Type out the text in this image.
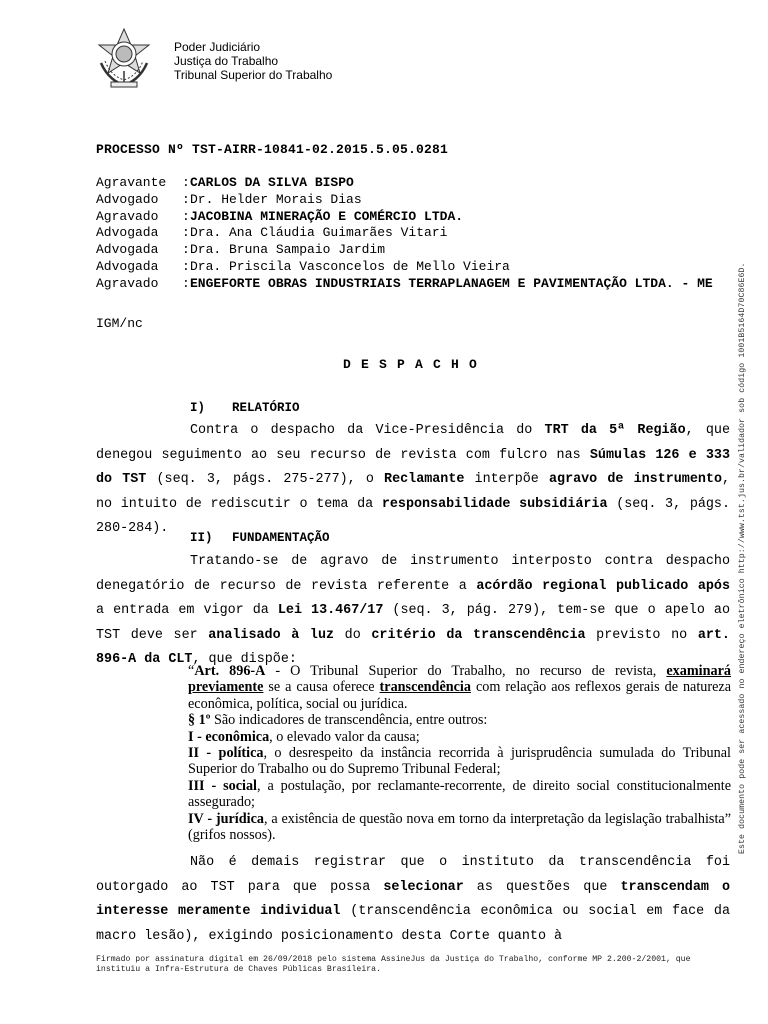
Poder Judiciário
Justiça do Trabalho
Tribunal Superior do Trabalho
PROCESSO Nº TST-AIRR-10841-02.2015.5.05.0281
Agravante	: CARLOS DA SILVA BISPO
Advogado	: Dr. Helder Morais Dias
Agravado	: JACOBINA MINERAÇÃO E COMÉRCIO LTDA.
Advogada	: Dra. Ana Cláudia Guimarães Vitari
Advogada	: Dra. Bruna Sampaio Jardim
Advogada	: Dra. Priscila Vasconcelos de Mello Vieira
Agravado	: ENGEFORTE OBRAS INDUSTRIAIS TERRAPLANAGEM E PAVIMENTAÇÃO LTDA. - ME
IGM/nc
DESPACHO
I) RELATÓRIO
Contra o despacho da Vice-Presidência do TRT da 5ª Região, que denegou seguimento ao seu recurso de revista com fulcro nas Súmulas 126 e 333 do TST (seq. 3, págs. 275-277), o Reclamante interpõe agravo de instrumento, no intuito de rediscutir o tema da responsabilidade subsidiária (seq. 3, págs. 280-284).
II) FUNDAMENTAÇÃO
Tratando-se de agravo de instrumento interposto contra despacho denegatório de recurso de revista referente a acórdão regional publicado após a entrada em vigor da Lei 13.467/17 (seq. 3, pág. 279), tem-se que o apelo ao TST deve ser analisado à luz do critério da transcendência previsto no art. 896-A da CLT, que dispõe:

“Art. 896-A - O Tribunal Superior do Trabalho, no recurso de revista, examinará previamente se a causa oferece transcendência com relação aos reflexos gerais de natureza econômica, política, social ou jurídica.

§ 1º São indicadores de transcendência, entre outros:

I - econômica, o elevado valor da causa;

II - política, o desrespeito da instância recorrida à jurisprudência sumulada do Tribunal Superior do Trabalho ou do Supremo Tribunal Federal;

III - social, a postulação, por reclamante-recorrente, de direito social constitucionalmente assegurado;

IV - jurídica, a existência de questão nova em torno da interpretação da legislação trabalhista” (grifos nossos).

Não é demais registrar que o instituto da transcendência foi outorgado ao TST para que possa selecionar as questões que transcendam o interesse meramente individual (transcendência econômica ou social em face da macro lesão), exigindo posicionamento desta Corte quanto à
Este documento pode ser acessado no endereço eletrônico http://www.tst.jus.br/validador sob código 1001B5164D70C86E6D.
Firmado por assinatura digital em 26/09/2018 pelo sistema AssineJus da Justiça do Trabalho, conforme MP 2.200-2/2001, que instituiu a Infra-Estrutura de Chaves Públicas Brasileira.
